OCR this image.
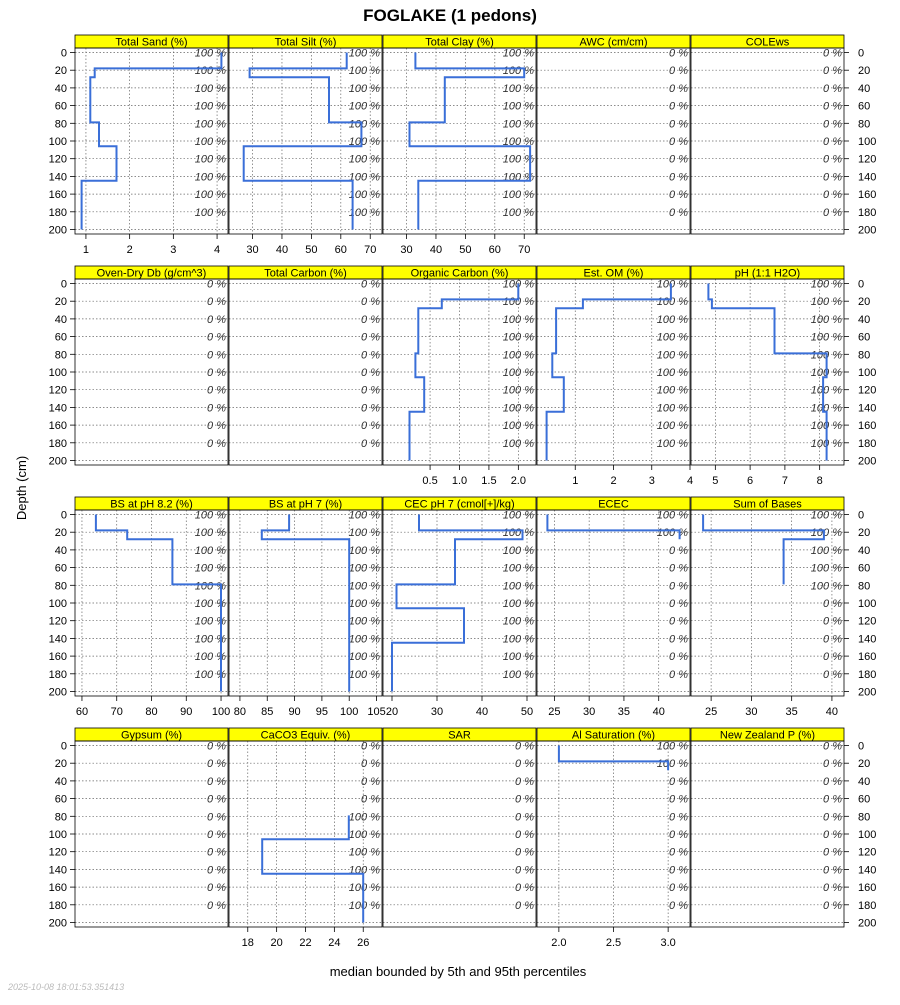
FOGLAKE (1 pedons)
Depth (cm)
median bounded by 5th and 95th percentiles
2025-10-08 18:01:53.351413
Total Sand (%)
100 %
100 %
100 %
100 %
100 %
100 %
100 %
100 %
100 %
100 %
1	2	3	4
0
20
40
60
80
100
120
140
160
180
200
Total Silt (%)
100 %
100 %
100 %
100 %
100 %
100 %
100 %
100 %
100 %
100 %
30 40 50 60 70
Total Clay (%)
100 %
100 %
100 %
100 %
100 %
100 %
100 %
100 %
100 %
100 %
30 40 50 60 70
AWC (cm/cm)
0 %
0 %
0 %
0 %
0 %
0 %
0 %
0 %
0 %
0 %
COLEws
0 %
0 %
0 %
0 %
0 %
0 %
0 %
0 %
0 %
0 %
0
20
40
60
80
100
120
140
160
180
200
Oven-Dry Db (g/cm^3)
0 %
0 %
0 %
0 %
0 %
0 %
0 %
0 %
0 %
0 %
0
20
40
60
80
100
120
140
160
180
200
Total Carbon (%)
0 %
0 %
0 %
0 %
0 %
0 %
0 %
0 %
0 %
0 %
Organic Carbon (%)
100 %
100 %
100 %
100 %
100 %
100 %
100 %
100 %
100 %
100 %
0.5 1.0 1.5 2.0
Est. OM (%)
100 %
100 %
100 %
100 %
100 %
100 %
100 %
100 %
100 %
100 %
1	2	3	4
pH (1:1 H2O)
100 %
100 %
100 %
100 %
100 %
100 %
100 %
100 %
100 %
100 %
5	6	7	8
0
20
40
60
80
100
120
140
160
180
200
BS at pH 8.2 (%)
100 %
100 %
100 %
100 %
100 %
100 %
100 %
100 %
100 %
100 %
60 70 80 90 100
0
20
40
60
80
100
120
140
160
180
200
BS at pH 7 (%)
100 %
100 %
100 %
100 %
100 %
100 %
100 %
100 %
100 %
100 %
80 85 90 95 100 105
CEC pH 7 (cmol[+]/kg)
100 %
100 %
100 %
100 %
100 %
100 %
100 %
100 %
100 %
100 %
20	30	40	50
ECEC
100 %
100 %
0 %
0 %
0 %
0 %
0 %
0 %
0 %
0 %
25 30 35 40
Sum of Bases
100 %
100 %
100 %
100 %
100 %
0 %
0 %
0 %
0 %
0 %
25	30	35	40
0
20
40
60
80
100
120
140
160
180
200
Gypsum (%)
0 %
0 %
0 %
0 %
0 %
0 %
0 %
0 %
0 %
0 %
0
20
40
60
80
100
120
140
160
180
200
CaCO3 Equiv. (%)
0 %
0 %
0 %
0 %
100 %
100 %
100 %
100 %
100 %
100 %
18 20 22 24 26
SAR
0 %
0 %
0 %
0 %
0 %
0 %
0 %
0 %
0 %
0 %
Al Saturation (%)
100 %
100 %
0 %
0 %
0 %
0 %
0 %
0 %
0 %
0 %
2.0	2.5	3.0
New Zealand P (%)
0 %
0 %
0 %
0 %
0 %
0 %
0 %
0 %
0 %
0 %
0
20
40
60
80
100
120
140
160
180
200
